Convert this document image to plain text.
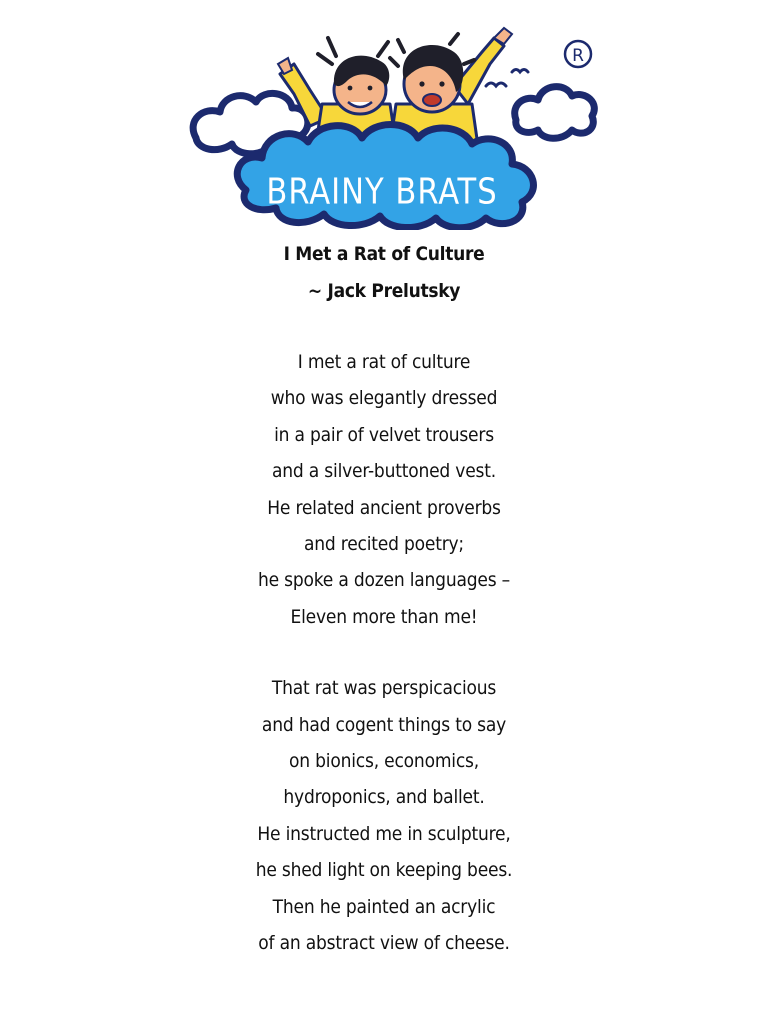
R
BRAINY BRATS

I Met a Rat of Culture

~ Jack Prelutsky

I met a rat of culture

who was elegantly dressed

in a pair of velvet trousers

and a silver-buttoned vest.

He related ancient proverbs

and recited poetry;

he spoke a dozen languages –

Eleven more than me!

That rat was perspicacious

and had cogent things to say

on bionics, economics,

hydroponics, and ballet.

He instructed me in sculpture,

he shed light on keeping bees.

Then he painted an acrylic

of an abstract view of cheese.
